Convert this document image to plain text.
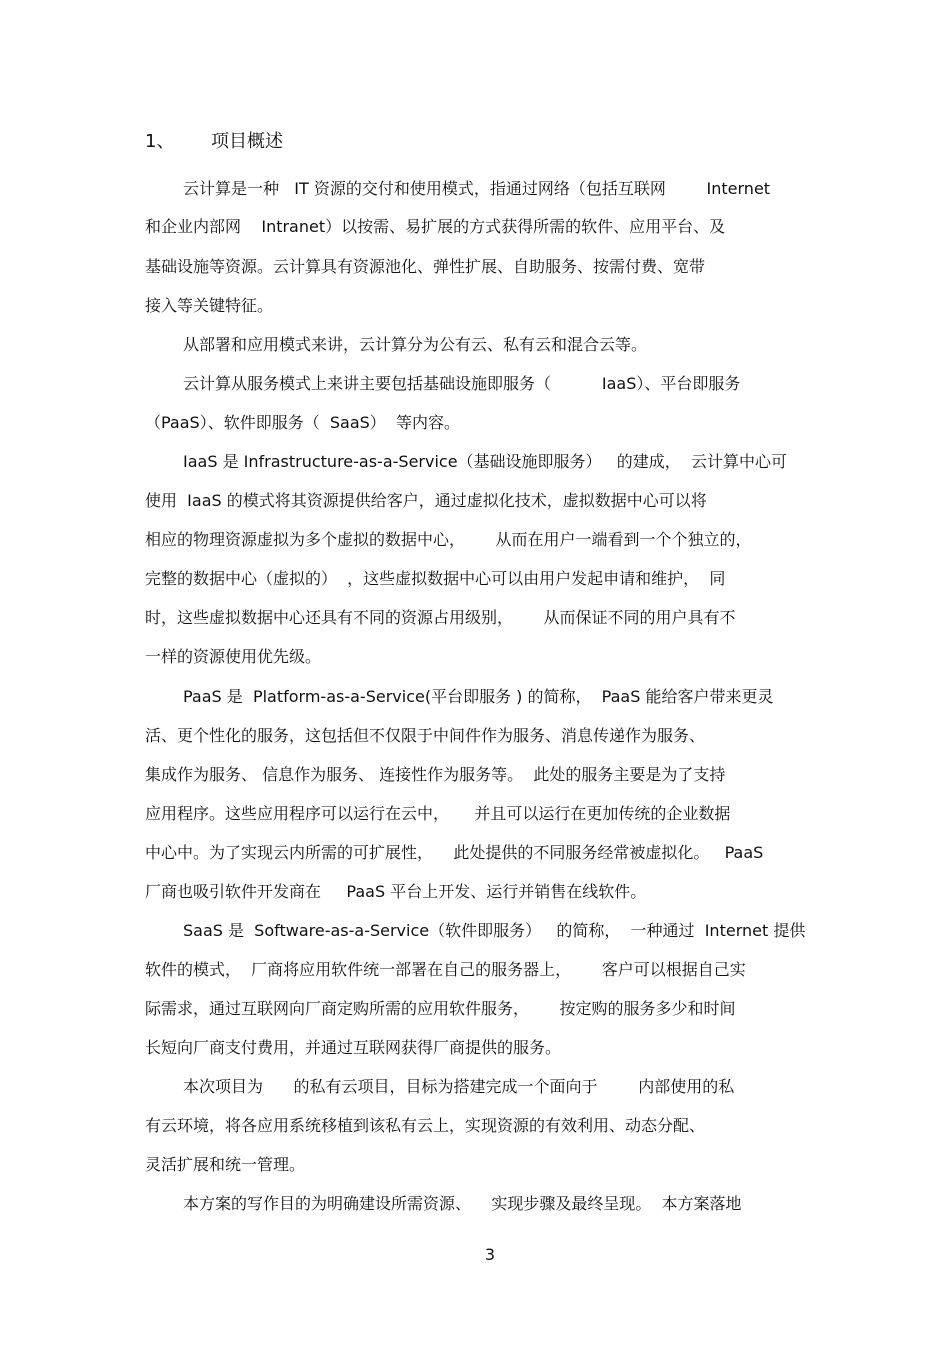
1、 项目概述
云计算是一种   IT 资源的交付和使用模式，指通过网络（包括互联网        Internet
和企业内部网    Intranet）以按需、易扩展的方式获得所需的软件、应用平台、及
基础设施等资源。云计算具有资源池化、弹性扩展、自助服务、按需付费、宽带
接入等关键特征。
从部署和应用模式来讲，云计算分为公有云、私有云和混合云等。
云计算从服务模式上来讲主要包括基础设施即服务（          IaaS）、平台即服务
（PaaS）、软件即服务（  SaaS）  等内容。
IaaS 是 Infrastructure-as-a-Service（基础设施即服务）   的建成，  云计算中心可
使用  IaaS 的模式将其资源提供给客户，通过虚拟化技术，虚拟数据中心可以将
相应的物理资源虚拟为多个虚拟的数据中心，      从而在用户一端看到一个个独立的，
完整的数据中心（虚拟的）  ，这些虚拟数据中心可以由用户发起申请和维护，  同
时，这些虚拟数据中心还具有不同的资源占用级别，      从而保证不同的用户具有不
一样的资源使用优先级。
PaaS 是  Platform-as-a-Service(平台即服务 ) 的简称，  PaaS 能给客户带来更灵
活、更个性化的服务，这包括但不仅限于中间件作为服务、消息传递作为服务、
集成作为服务、 信息作为服务、 连接性作为服务等。  此处的服务主要是为了支持
应用程序。这些应用程序可以运行在云中，     并且可以运行在更加传统的企业数据
中心中。为了实现云内所需的可扩展性，    此处提供的不同服务经常被虚拟化。   PaaS
厂商也吸引软件开发商在     PaaS 平台上开发、运行并销售在线软件。
SaaS 是  Software-as-a-Service（软件即服务）   的简称，  一种通过  Internet 提供
软件的模式，  厂商将应用软件统一部署在自己的服务器上，      客户可以根据自己实
际需求，通过互联网向厂商定购所需的应用软件服务，      按定购的服务多少和时间
长短向厂商支付费用，并通过互联网获得厂商提供的服务。
本次项目为      的私有云项目，目标为搭建完成一个面向于        内部使用的私
有云环境，将各应用系统移植到该私有云上，实现资源的有效利用、动态分配、
灵活扩展和统一管理。
本方案的写作目的为明确建设所需资源、    实现步骤及最终呈现。  本方案落地
3
